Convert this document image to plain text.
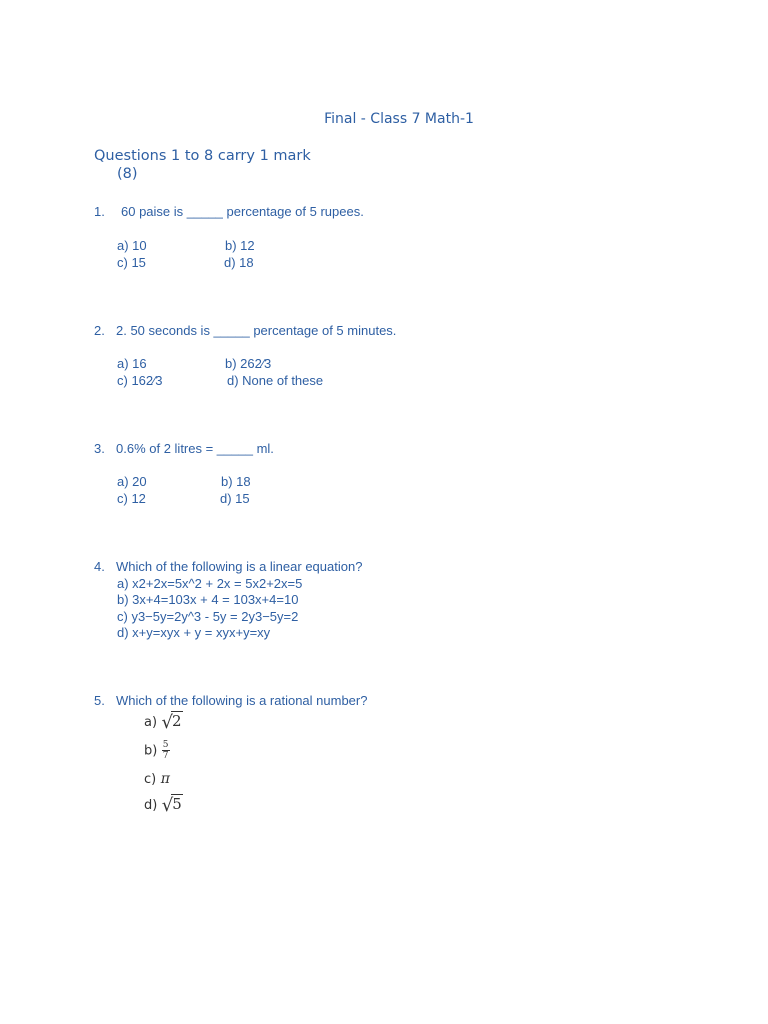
Final - Class 7 Math-1
Questions 1 to 8 carry 1 mark
(8)
1. 60 paise is _____ percentage of 5 rupees.
a) 10	b) 12
c) 15	d) 18
2. 2. 50 seconds is _____ percentage of 5 minutes.
a) 16	b) 262⁄3
c) 162⁄3	d) None of these
3. 0.6% of 2 litres = _____ ml.
a) 20	b) 18
c) 12	d) 15
4. Which of the following is a linear equation?
a) x2+2x=5x^2 + 2x = 5x2+2x=5
b) 3x+4=103x + 4 = 103x+4=10
c) y3−5y=2y^3 - 5y = 2y3−5y=2
d) x+y=xyx + y = xyx+y=xy
5. Which of the following is a rational number?
a) √2
$b) \frac{5}{7}$
c) π
d) √5
